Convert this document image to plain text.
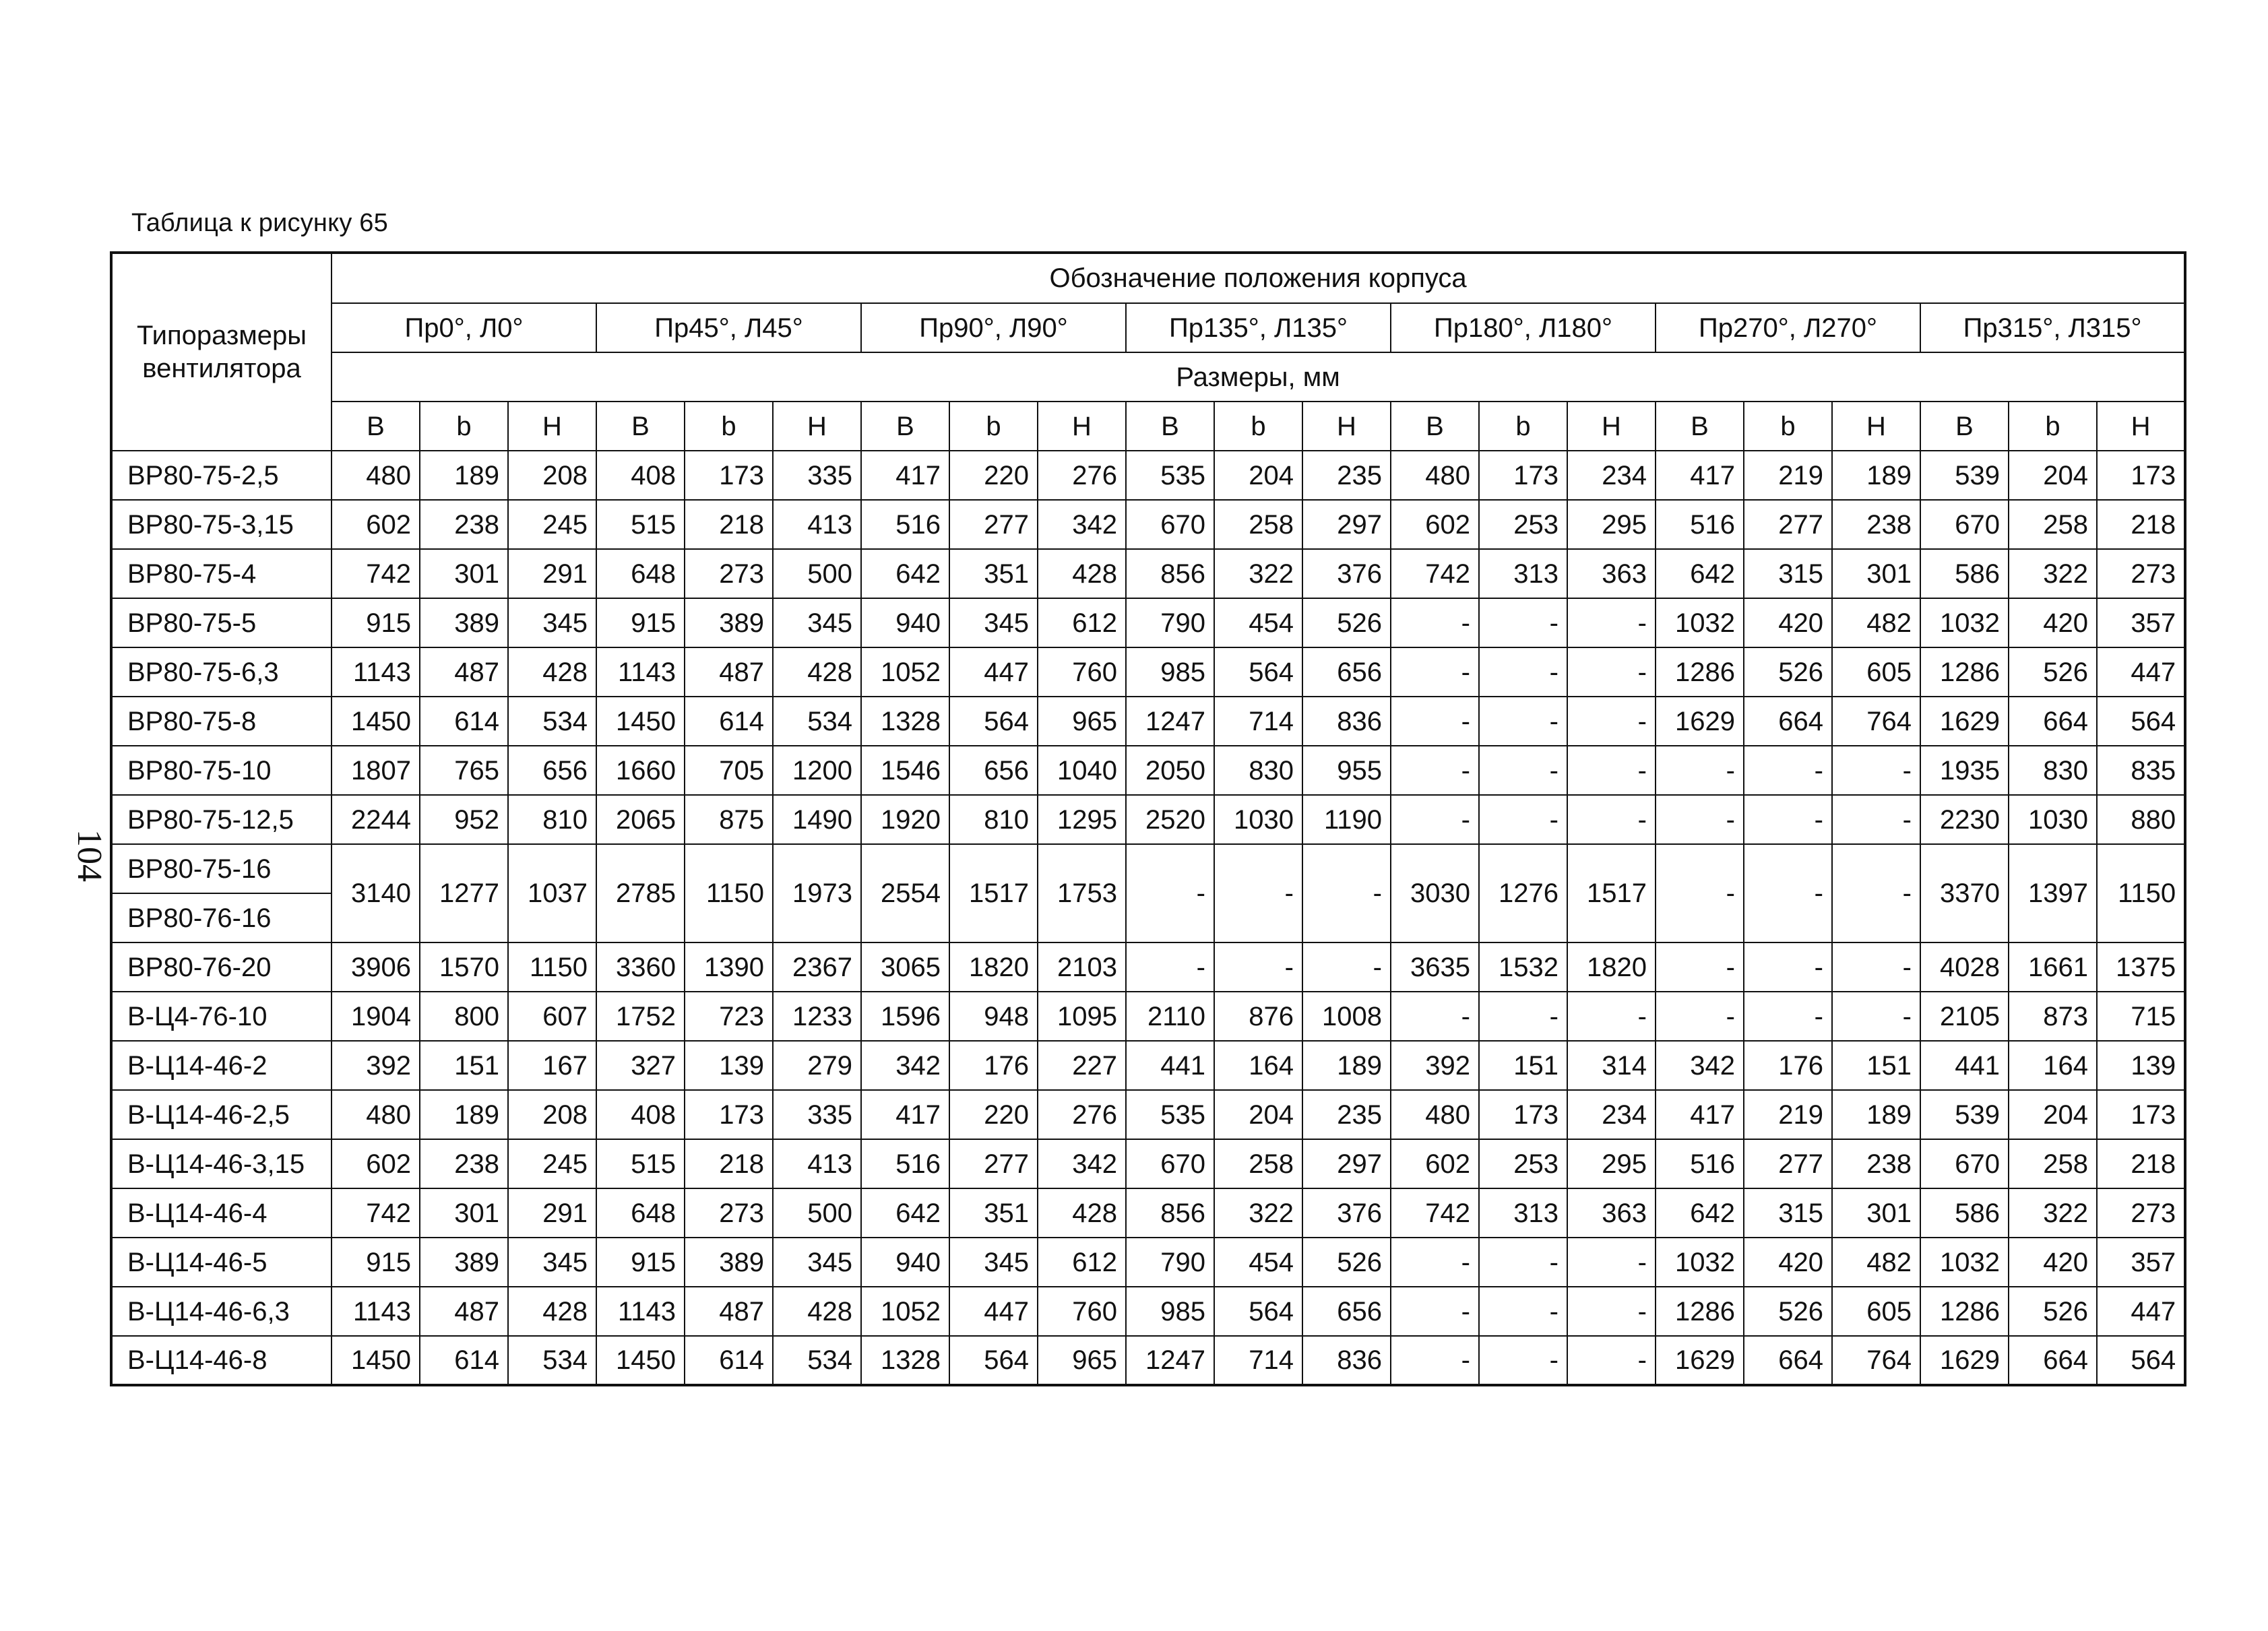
Таблица к рисунку 65
104
Типоразмеры вентилятора	Обозначение положения корпуса																				
	Пр0°, Л0°			Пр45°, Л45°			Пр90°, Л90°			Пр135°, Л135°			Пр180°, Л180°			Пр270°, Л270°			Пр315°, Л315°		
	Размеры, мм																				
	В	b	Н	В	b	Н	В	b	Н	В	b	Н	В	b	Н	В	b	Н	В	b	Н
ВР80-75-2,5	480	189	208	408	173	335	417	220	276	535	204	235	480	173	234	417	219	189	539	204	173
ВР80-75-3,15	602	238	245	515	218	413	516	277	342	670	258	297	602	253	295	516	277	238	670	258	218
ВР80-75-4	742	301	291	648	273	500	642	351	428	856	322	376	742	313	363	642	315	301	586	322	273
ВР80-75-5	915	389	345	915	389	345	940	345	612	790	454	526	-	-	-	1032	420	482	1032	420	357
ВР80-75-6,3	1143	487	428	1143	487	428	1052	447	760	985	564	656	-	-	-	1286	526	605	1286	526	447
ВР80-75-8	1450	614	534	1450	614	534	1328	564	965	1247	714	836	-	-	-	1629	664	764	1629	664	564
ВР80-75-10	1807	765	656	1660	705	1200	1546	656	1040	2050	830	955	-	-	-	-	-	-	1935	830	835
ВР80-75-12,5	2244	952	810	2065	875	1490	1920	810	1295	2520	1030	1190	-	-	-	-	-	-	2230	1030	880
ВР80-75-16	3140	1277	1037	2785	1150	1973	2554	1517	1753	-	-	-	3030	1276	1517	-	-	-	3370	1397	1150
ВР80-76-16																					
ВР80-76-20	3906	1570	1150	3360	1390	2367	3065	1820	2103	-	-	-	3635	1532	1820	-	-	-	4028	1661	1375
В-Ц4-76-10	1904	800	607	1752	723	1233	1596	948	1095	2110	876	1008	-	-	-	-	-	-	2105	873	715
В-Ц14-46-2	392	151	167	327	139	279	342	176	227	441	164	189	392	151	314	342	176	151	441	164	139
В-Ц14-46-2,5	480	189	208	408	173	335	417	220	276	535	204	235	480	173	234	417	219	189	539	204	173
В-Ц14-46-3,15	602	238	245	515	218	413	516	277	342	670	258	297	602	253	295	516	277	238	670	258	218
В-Ц14-46-4	742	301	291	648	273	500	642	351	428	856	322	376	742	313	363	642	315	301	586	322	273
В-Ц14-46-5	915	389	345	915	389	345	940	345	612	790	454	526	-	-	-	1032	420	482	1032	420	357
В-Ц14-46-6,3	1143	487	428	1143	487	428	1052	447	760	985	564	656	-	-	-	1286	526	605	1286	526	447
В-Ц14-46-8	1450	614	534	1450	614	534	1328	564	965	1247	714	836	-	-	-	1629	664	764	1629	664	564
